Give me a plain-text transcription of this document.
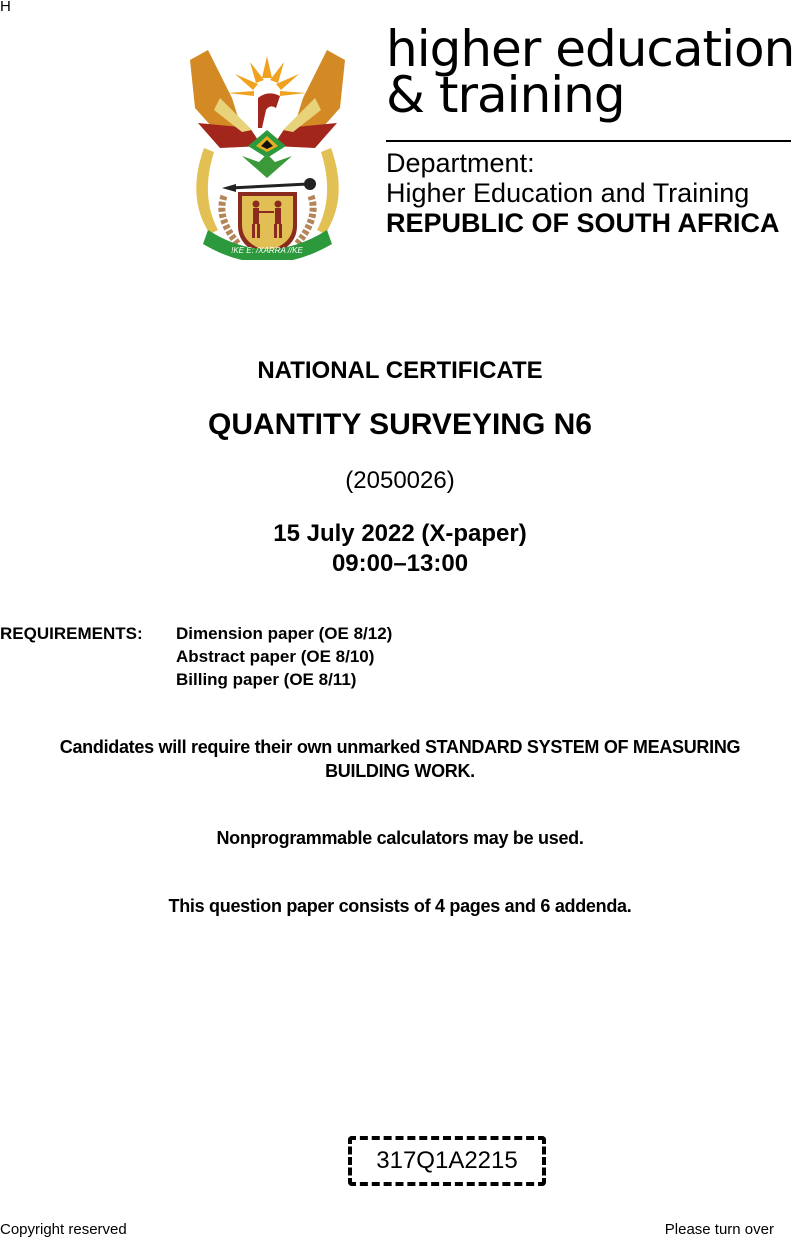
H
!KE E: /XARRA //KE
higher education
& training
Department:
Higher Education and Training
REPUBLIC OF SOUTH AFRICA
NATIONAL CERTIFICATE
QUANTITY SURVEYING N6
(2050026)
15 July 2022 (X-paper)
09:00–13:00
REQUIREMENTS: Dimension paper (OE 8/12)
Abstract paper (OE 8/10)
Billing paper (OE 8/11)
Candidates will require their own unmarked STANDARD SYSTEM OF MEASURING
BUILDING WORK.
Nonprogrammable calculators may be used.
This question paper consists of 4 pages and 6 addenda.
317Q1A2215
Copyright reserved	Please turn over
